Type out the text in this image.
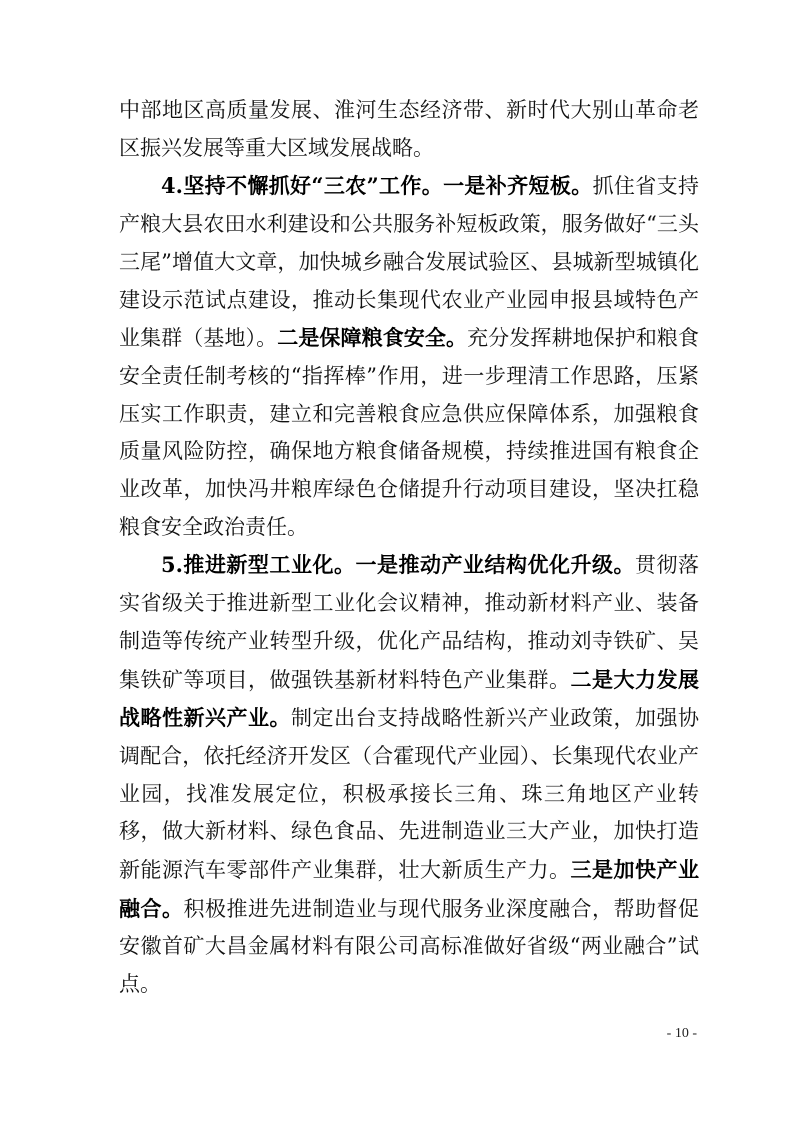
中部地区高质量发展、淮河生态经济带、新时代大别山革命老区振兴发展等重大区域发展战略。

4.坚持不懈抓好“三农”工作。一是补齐短板。抓住省支持产粮大县农田水利建设和公共服务补短板政策，服务做好“三头三尾”增值大文章，加快城乡融合发展试验区、县城新型城镇化建设示范试点建设，推动长集现代农业产业园申报县域特色产业集群（基地）。二是保障粮食安全。充分发挥耕地保护和粮食安全责任制考核的“指挥棒”作用，进一步理清工作思路，压紧压实工作职责，建立和完善粮食应急供应保障体系，加强粮食质量风险防控，确保地方粮食储备规模，持续推进国有粮食企业改革，加快冯井粮库绿色仓储提升行动项目建设，坚决扛稳粮食安全政治责任。

5.推进新型工业化。一是推动产业结构优化升级。贯彻落实省级关于推进新型工业化会议精神，推动新材料产业、装备制造等传统产业转型升级，优化产品结构，推动刘寺铁矿、吴集铁矿等项目，做强铁基新材料特色产业集群。二是大力发展战略性新兴产业。制定出台支持战略性新兴产业政策，加强协调配合，依托经济开发区（合霍现代产业园）、长集现代农业产业园，找准发展定位，积极承接长三角、珠三角地区产业转移，做大新材料、绿色食品、先进制造业三大产业，加快打造新能源汽车零部件产业集群，壮大新质生产力。三是加快产业融合。积极推进先进制造业与现代服务业深度融合，帮助督促安徽首矿大昌金属材料有限公司高标准做好省级“两业融合”试点。

- 10 -
